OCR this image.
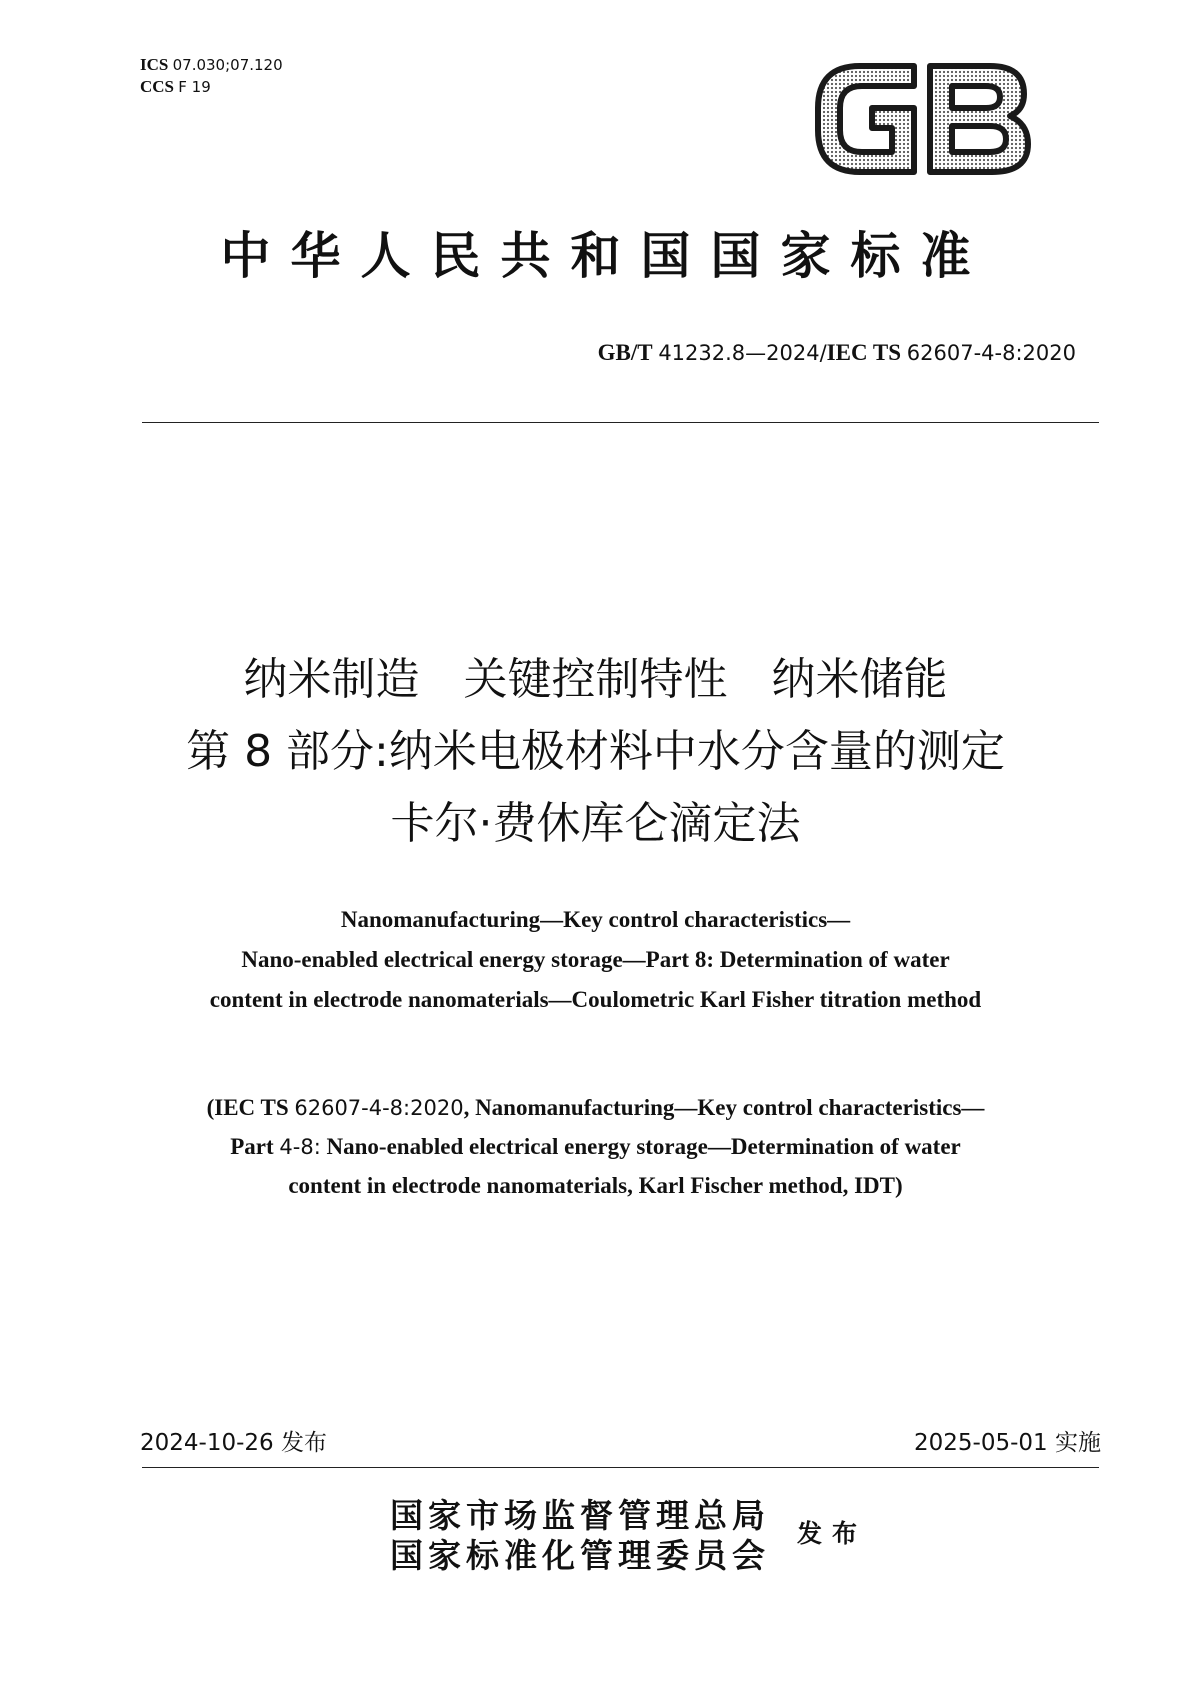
ICS 07.030;07.120
CCS F 19
中华人民共和国国家标准
GB/T 41232.8—2024/IEC TS 62607-4-8:2020
纳米制造　关键控制特性　纳米储能
第 8 部分:纳米电极材料中水分含量的测定
卡尔·费休库仑滴定法
Nanomanufacturing—Key control characteristics—
Nano-enabled electrical energy storage—Part 8: Determination of water
content in electrode nanomaterials—Coulometric Karl Fisher titration method
(IEC TS 62607-4-8:2020, Nanomanufacturing—Key control characteristics—
Part 4-8: Nano-enabled electrical energy storage—Determination of water
content in electrode nanomaterials, Karl Fischer method, IDT)
2024-10-26 发布	2025-05-01 实施
国家市场监督管理总局
国家标准化管理委员会
发布
